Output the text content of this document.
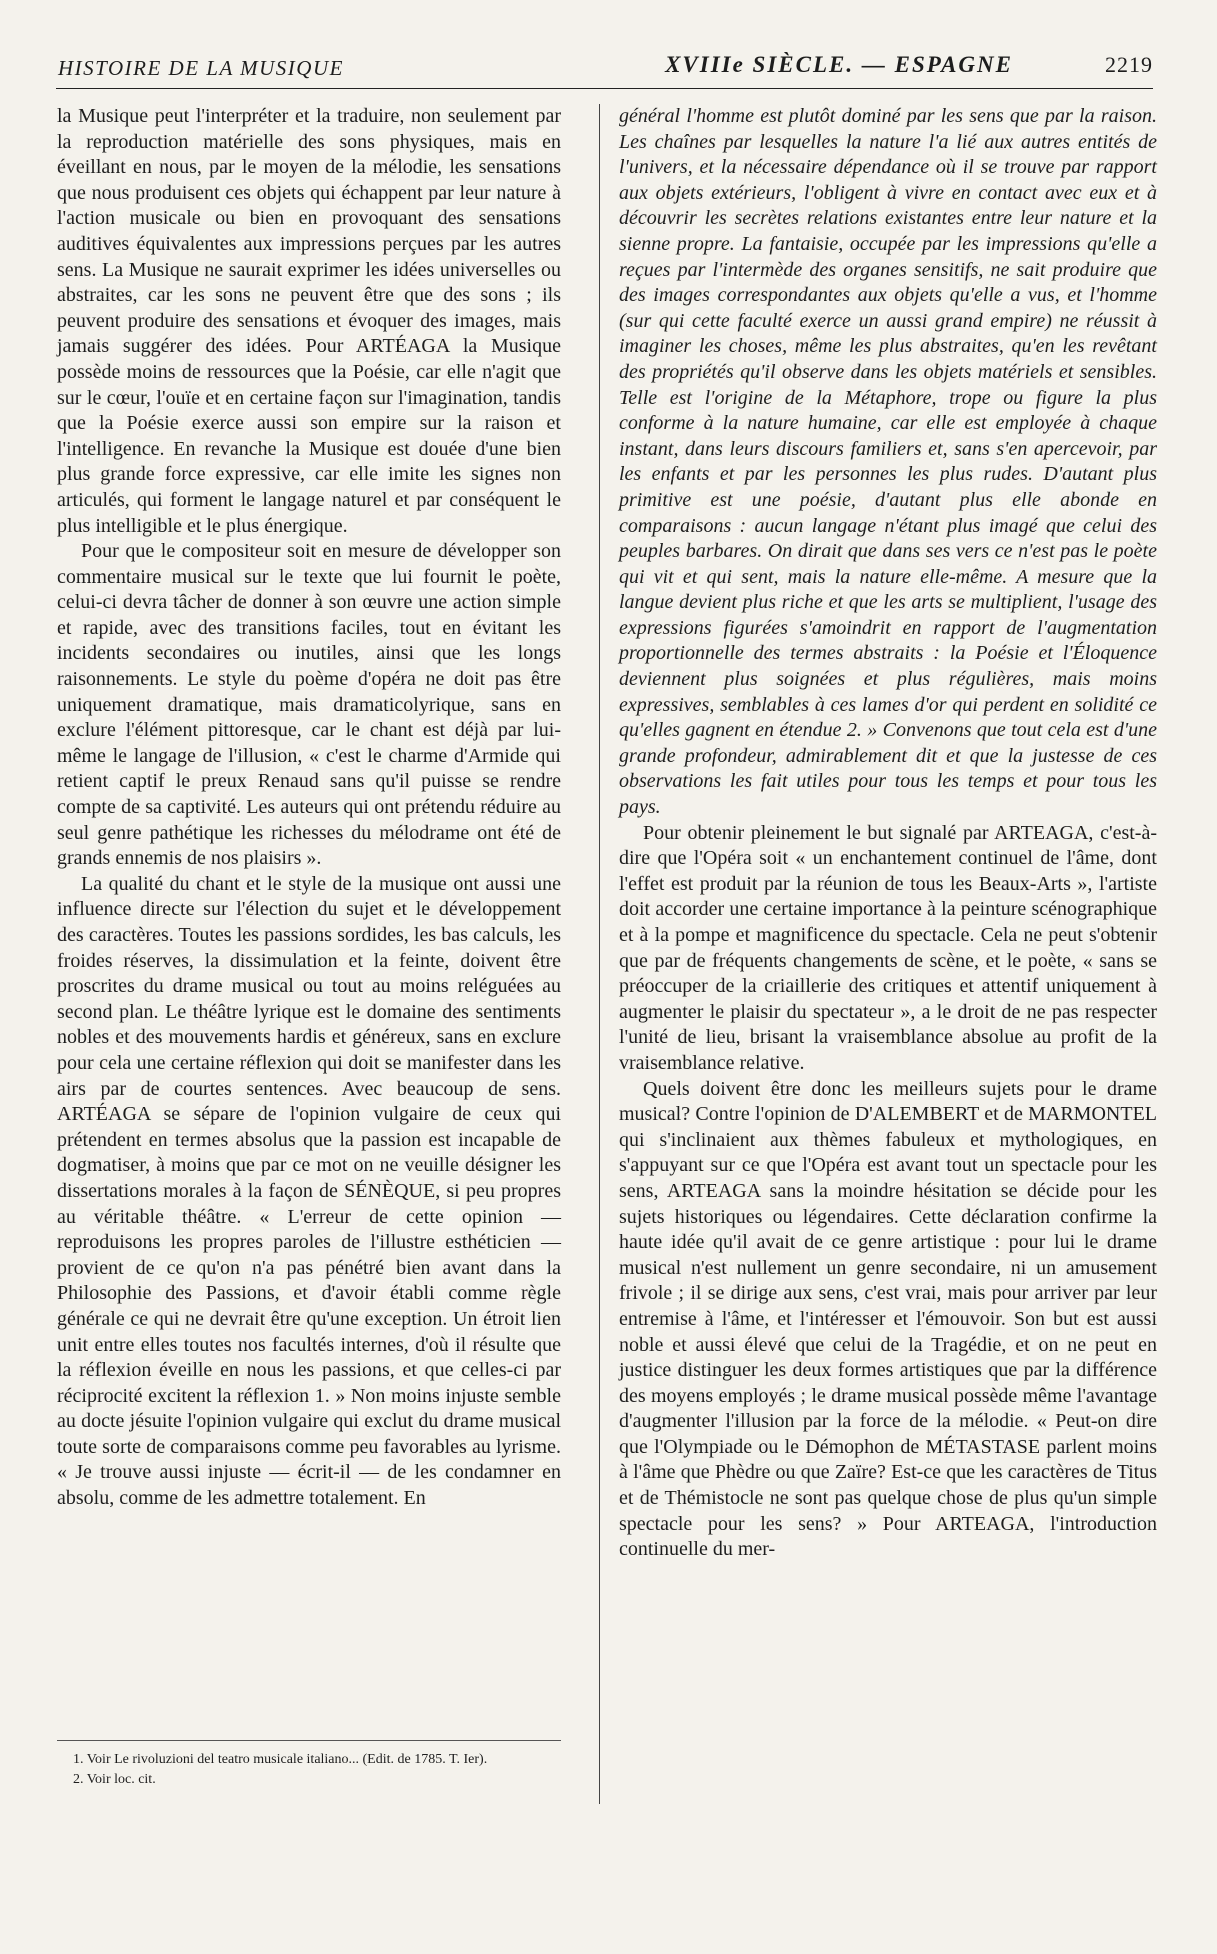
HISTOIRE DE LA MUSIQUE	XVIIIe SIÈCLE. — ESPAGNE	2219

la Musique peut l'interpréter et la traduire, non seulement par la reproduction matérielle des sons physiques, mais en éveillant en nous, par le moyen de la mélodie, les sensations que nous produisent ces objets qui échappent par leur nature à l'action musicale ou bien en provoquant des sensations auditives équivalentes aux impressions perçues par les autres sens. La Musique ne saurait exprimer les idées universelles ou abstraites, car les sons ne peuvent être que des sons ; ils peuvent produire des sensations et évoquer des images, mais jamais suggérer des idées. Pour ARTÉAGA la Musique possède moins de ressources que la Poésie, car elle n'agit que sur le cœur, l'ouïe et en certaine façon sur l'imagination, tandis que la Poésie exerce aussi son empire sur la raison et l'intelligence. En revanche la Musique est douée d'une bien plus grande force expressive, car elle imite les signes non articulés, qui forment le langage naturel et par conséquent le plus intelligible et le plus énergique.

Pour que le compositeur soit en mesure de développer son commentaire musical sur le texte que lui fournit le poète, celui-ci devra tâcher de donner à son œuvre une action simple et rapide, avec des transitions faciles, tout en évitant les incidents secondaires ou inutiles, ainsi que les longs raisonnements. Le style du poème d'opéra ne doit pas être uniquement dramatique, mais dramaticolyrique, sans en exclure l'élément pittoresque, car le chant est déjà par lui-même le langage de l'illusion, « c'est le charme d'Armide qui retient captif le preux Renaud sans qu'il puisse se rendre compte de sa captivité. Les auteurs qui ont prétendu réduire au seul genre pathétique les richesses du mélodrame ont été de grands ennemis de nos plaisirs ».

La qualité du chant et le style de la musique ont aussi une influence directe sur l'élection du sujet et le développement des caractères. Toutes les passions sordides, les bas calculs, les froides réserves, la dissimulation et la feinte, doivent être proscrites du drame musical ou tout au moins reléguées au second plan. Le théâtre lyrique est le domaine des sentiments nobles et des mouvements hardis et généreux, sans en exclure pour cela une certaine réflexion qui doit se manifester dans les airs par de courtes sentences. Avec beaucoup de sens. ARTÉAGA se sépare de l'opinion vulgaire de ceux qui prétendent en termes absolus que la passion est incapable de dogmatiser, à moins que par ce mot on ne veuille désigner les dissertations morales à la façon de SÉNÈQUE, si peu propres au véritable théâtre. « L'erreur de cette opinion — reproduisons les propres paroles de l'illustre esthéticien — provient de ce qu'on n'a pas pénétré bien avant dans la Philosophie des Passions, et d'avoir établi comme règle générale ce qui ne devrait être qu'une exception. Un étroit lien unit entre elles toutes nos facultés internes, d'où il résulte que la réflexion éveille en nous les passions, et que celles-ci par réciprocité excitent la réflexion 1. » Non moins injuste semble au docte jésuite l'opinion vulgaire qui exclut du drame musical toute sorte de comparaisons comme peu favorables au lyrisme. « Je trouve aussi injuste — écrit-il — de les condamner en absolu, comme de les admettre totalement. En

général l'homme est plutôt dominé par les sens que par la raison. Les chaînes par lesquelles la nature l'a lié aux autres entités de l'univers, et la nécessaire dépendance où il se trouve par rapport aux objets extérieurs, l'obligent à vivre en contact avec eux et à découvrir les secrètes relations existantes entre leur nature et la sienne propre. La fantaisie, occupée par les impressions qu'elle a reçues par l'intermède des organes sensitifs, ne sait produire que des images correspondantes aux objets qu'elle a vus, et l'homme (sur qui cette faculté exerce un aussi grand empire) ne réussit à imaginer les choses, même les plus abstraites, qu'en les revêtant des propriétés qu'il observe dans les objets matériels et sensibles. Telle est l'origine de la Métaphore, trope ou figure la plus conforme à la nature humaine, car elle est employée à chaque instant, dans leurs discours familiers et, sans s'en apercevoir, par les enfants et par les personnes les plus rudes. D'autant plus primitive est une poésie, d'autant plus elle abonde en comparaisons : aucun langage n'étant plus imagé que celui des peuples barbares. On dirait que dans ses vers ce n'est pas le poète qui vit et qui sent, mais la nature elle-même. A mesure que la langue devient plus riche et que les arts se multiplient, l'usage des expressions figurées s'amoindrit en rapport de l'augmentation proportionnelle des termes abstraits : la Poésie et l'Éloquence deviennent plus soignées et plus régulières, mais moins expressives, semblables à ces lames d'or qui perdent en solidité ce qu'elles gagnent en étendue 2. » Convenons que tout cela est d'une grande profondeur, admirablement dit et que la justesse de ces observations les fait utiles pour tous les temps et pour tous les pays.

Pour obtenir pleinement le but signalé par ARTEAGA, c'est-à-dire que l'Opéra soit « un enchantement continuel de l'âme, dont l'effet est produit par la réunion de tous les Beaux-Arts », l'artiste doit accorder une certaine importance à la peinture scénographique et à la pompe et magnificence du spectacle. Cela ne peut s'obtenir que par de fréquents changements de scène, et le poète, « sans se préoccuper de la criaillerie des critiques et attentif uniquement à augmenter le plaisir du spectateur », a le droit de ne pas respecter l'unité de lieu, brisant la vraisemblance absolue au profit de la vraisemblance relative.

Quels doivent être donc les meilleurs sujets pour le drame musical? Contre l'opinion de D'ALEMBERT et de MARMONTEL qui s'inclinaient aux thèmes fabuleux et mythologiques, en s'appuyant sur ce que l'Opéra est avant tout un spectacle pour les sens, ARTEAGA sans la moindre hésitation se décide pour les sujets historiques ou légendaires. Cette déclaration confirme la haute idée qu'il avait de ce genre artistique : pour lui le drame musical n'est nullement un genre secondaire, ni un amusement frivole ; il se dirige aux sens, c'est vrai, mais pour arriver par leur entremise à l'âme, et l'intéresser et l'émouvoir. Son but est aussi noble et aussi élevé que celui de la Tragédie, et on ne peut en justice distinguer les deux formes artistiques que par la différence des moyens employés ; le drame musical possède même l'avantage d'augmenter l'illusion par la force de la mélodie. « Peut-on dire que l'Olympiade ou le Démophon de MÉTASTASE parlent moins à l'âme que Phèdre ou que Zaïre? Est-ce que les caractères de Titus et de Thémistocle ne sont pas quelque chose de plus qu'un simple spectacle pour les sens? » Pour ARTEAGA, l'introduction continuelle du mer-

1. Voir Le rivoluzioni del teatro musicale italiano... (Edit. de 1785. T. Ier).
2. Voir loc. cit.
